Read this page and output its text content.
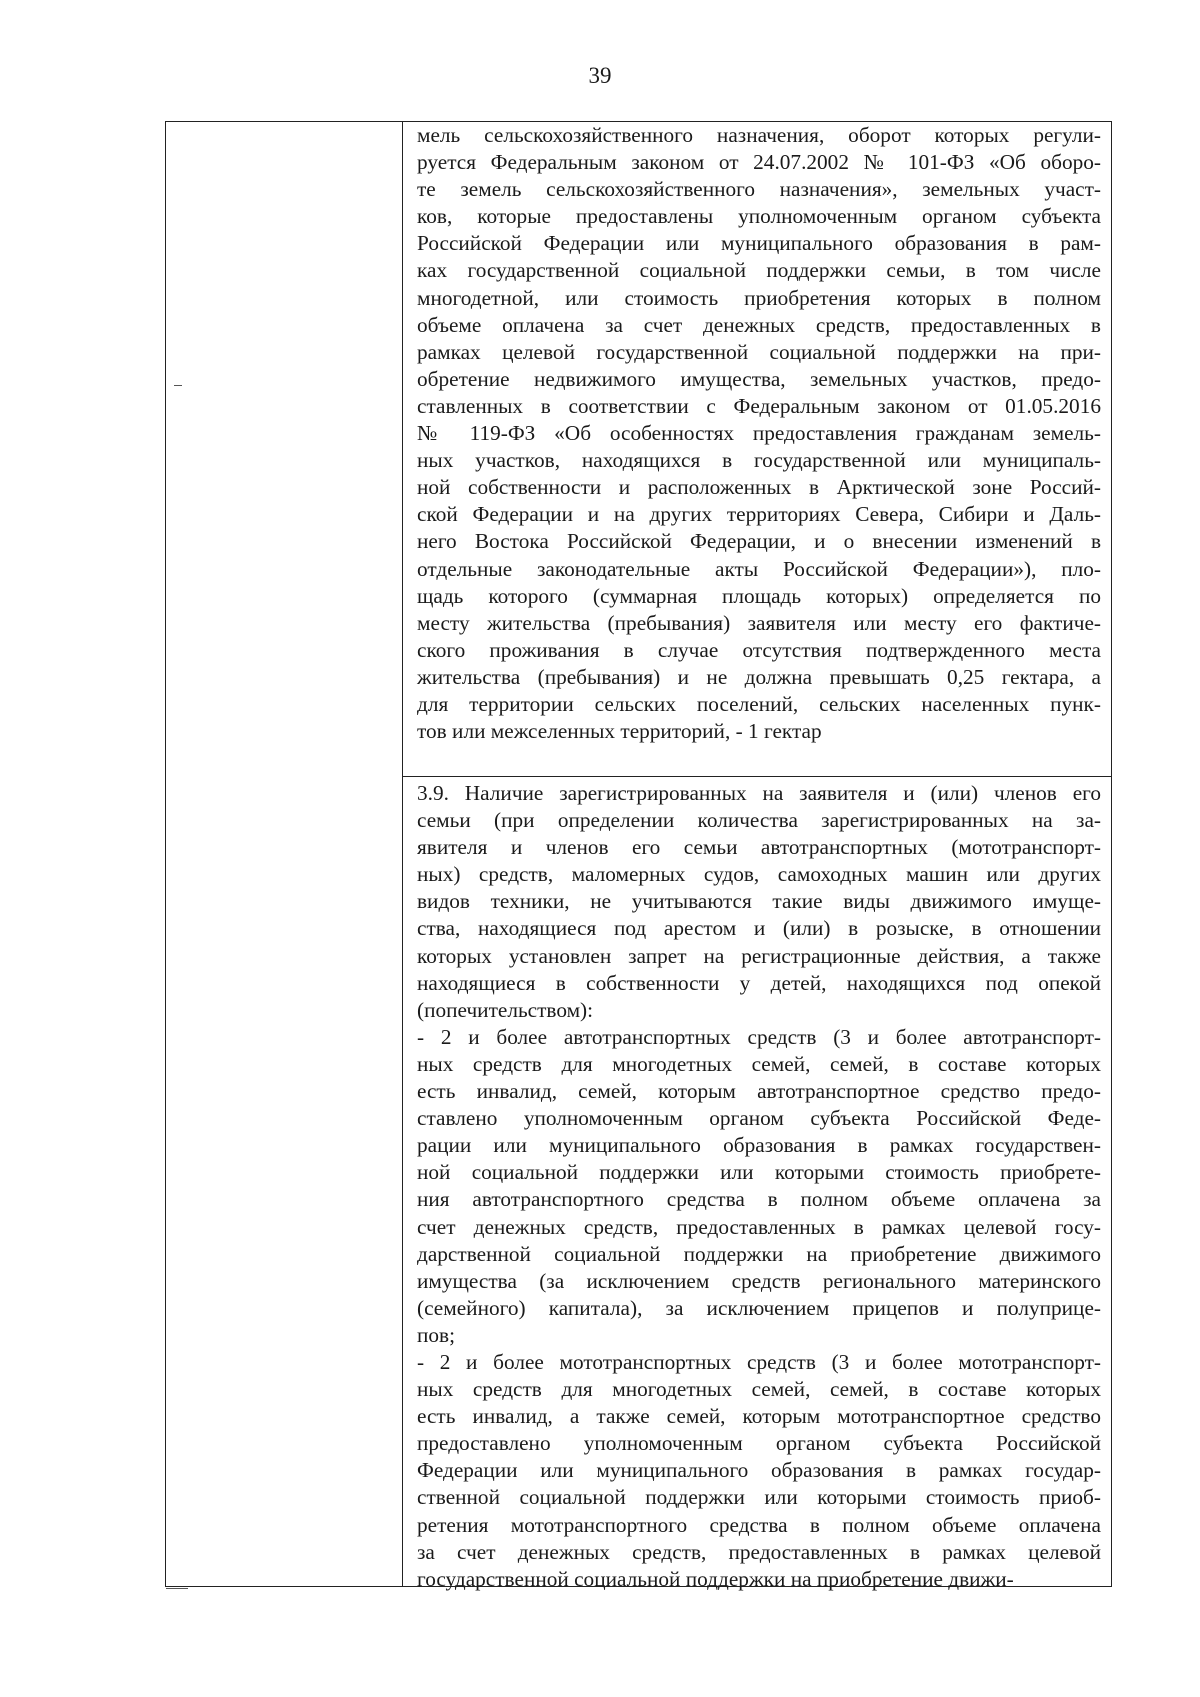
39
мель сельскохозяйственного назначения, оборот которых регули-
руется Федеральным законом от 24.07.2002 № 101-ФЗ «Об оборо-
те земель сельскохозяйственного назначения», земельных участ-
ков, которые предоставлены уполномоченным органом субъекта
Российской Федерации или муниципального образования в рам-
ках государственной социальной поддержки семьи, в том числе
многодетной, или стоимость приобретения которых в полном
объеме оплачена за счет денежных средств, предоставленных в
рамках целевой государственной социальной поддержки на при-
обретение недвижимого имущества, земельных участков, предо-
ставленных в соответствии с Федеральным законом от 01.05.2016
№ 119-ФЗ «Об особенностях предоставления гражданам земель-
ных участков, находящихся в государственной или муниципаль-
ной собственности и расположенных в Арктической зоне Россий-
ской Федерации и на других территориях Севера, Сибири и Даль-
него Востока Российской Федерации, и о внесении изменений в
отдельные законодательные акты Российской Федерации»), пло-
щадь которого (суммарная площадь которых) определяется по
месту жительства (пребывания) заявителя или месту его фактиче-
ского проживания в случае отсутствия подтвержденного места
жительства (пребывания) и не должна превышать 0,25 гектара, а
для территории сельских поселений, сельских населенных пунк-
тов или межселенных территорий, - 1 гектар
3.9. Наличие зарегистрированных на заявителя и (или) членов его
семьи (при определении количества зарегистрированных на за-
явителя и членов его семьи автотранспортных (мототранспорт-
ных) средств, маломерных судов, самоходных машин или других
видов техники, не учитываются такие виды движимого имуще-
ства, находящиеся под арестом и (или) в розыске, в отношении
которых установлен запрет на регистрационные действия, а также
находящиеся в собственности у детей, находящихся под опекой
(попечительством):
- 2 и более автотранспортных средств (3 и более автотранспорт-
ных средств для многодетных семей, семей, в составе которых
есть инвалид, семей, которым автотранспортное средство предо-
ставлено уполномоченным органом субъекта Российской Феде-
рации или муниципального образования в рамках государствен-
ной социальной поддержки или которыми стоимость приобрете-
ния автотранспортного средства в полном объеме оплачена за
счет денежных средств, предоставленных в рамках целевой госу-
дарственной социальной поддержки на приобретение движимого
имущества (за исключением средств регионального материнского
(семейного) капитала), за исключением прицепов и полуприце-
пов;
- 2 и более мототранспортных средств (3 и более мототранспорт-
ных средств для многодетных семей, семей, в составе которых
есть инвалид, а также семей, которым мототранспортное средство
предоставлено уполномоченным органом субъекта Российской
Федерации или муниципального образования в рамках государ-
ственной социальной поддержки или которыми стоимость приоб-
ретения мототранспортного средства в полном объеме оплачена
за счет денежных средств, предоставленных в рамках целевой
государственной социальной поддержки на приобретение движи-
